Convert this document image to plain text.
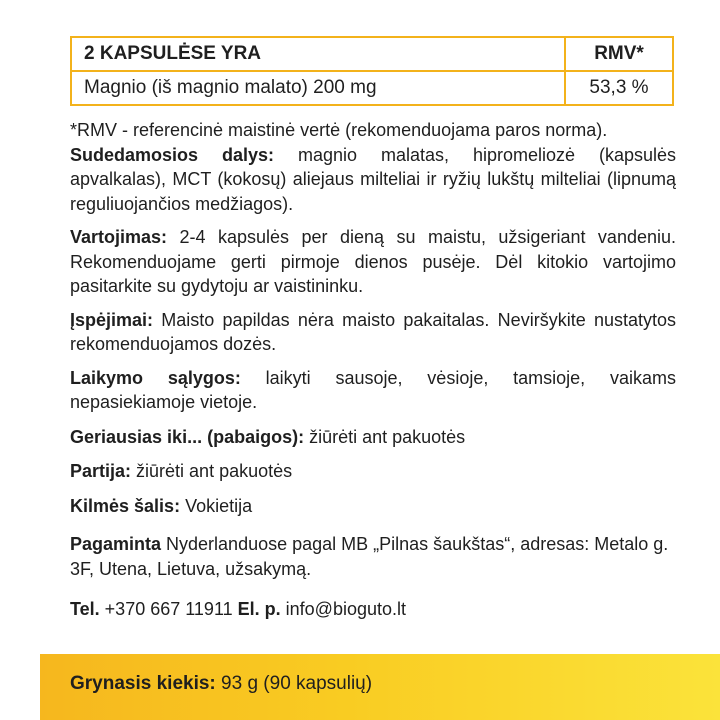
2 KAPSULĖSE YRA	RMV*
Magnio (iš magnio malato) 200 mg	53,3 %

*RMV - referencinė maistinė vertė (rekomenduojama paros norma).

Sudedamosios dalys: magnio malatas, hipromeliozė (kapsulės apvalkalas), MCT (kokosų) aliejaus milteliai ir ryžių lukštų milteliai (lipnumą reguliuojančios medžiagos).

Vartojimas: 2-4 kapsulės per dieną su maistu, užsigeriant vandeniu. Rekomenduojame gerti pirmoje dienos pusėje. Dėl kitokio vartojimo pasitarkite su gydytoju ar vaistininku.

Įspėjimai: Maisto papildas nėra maisto pakaitalas. Neviršykite nustatytos rekomenduojamos dozės.

Laikymo sąlygos: laikyti sausoje, vėsioje, tamsioje, vaikams nepasiekiamoje vietoje.

Geriausias iki... (pabaigos): žiūrėti ant pakuotės

Partija: žiūrėti ant pakuotės

Kilmės šalis: Vokietija

Pagaminta Nyderlanduose pagal MB „Pilnas šaukštas“, adresas: Metalo g. 3F, Utena, Lietuva, užsakymą.

Tel. +370 667 11911 El. p. info@bioguto.lt

Grynasis kiekis: 93 g (90 kapsulių)
